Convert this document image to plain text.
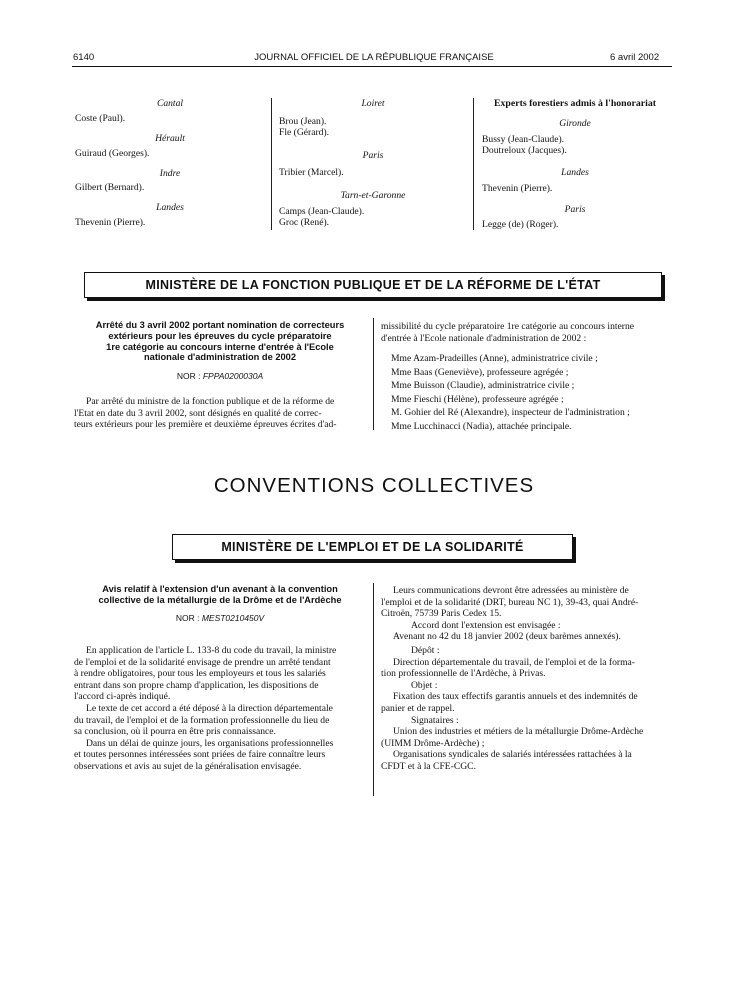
6140	JOURNAL OFFICIEL DE LA RÉPUBLIQUE FRANÇAISE	6 avril 2002
Cantal
Coste (Paul).
Hérault
Guiraud (Georges).
Indre
Gilbert (Bernard).
Landes
Thevenin (Pierre).
Loiret
Brou (Jean).
Fle (Gérard).
Paris
Tribier (Marcel).
Tarn-et-Garonne
Camps (Jean-Claude).
Groc (René).
Experts forestiers admis à l'honorariat
Gironde
Bussy (Jean-Claude).
Doutreloux (Jacques).
Landes
Thevenin (Pierre).
Paris
Legge (de) (Roger).
MINISTÈRE DE LA FONCTION PUBLIQUE ET DE LA RÉFORME DE L'ÉTAT
Arrêté du 3 avril 2002 portant nomination de correcteurs
extérieurs pour les épreuves du cycle préparatoire
1re catégorie au concours interne d'entrée à l'Ecole
nationale d'administration de 2002
NOR : FPPA0200030A
Par arrêté du ministre de la fonction publique et de la réforme de
l'Etat en date du 3 avril 2002, sont désignés en qualité de correc-
teurs extérieurs pour les première et deuxième épreuves écrites d'ad-
missibilité du cycle préparatoire 1re catégorie au concours interne
d'entrée à l'Ecole nationale d'administration de 2002 :
Mme Azam-Pradeilles (Anne), administratrice civile ;
Mme Baas (Geneviève), professeure agrégée ;
Mme Buisson (Claudie), administratrice civile ;
Mme Fieschi (Hélène), professeure agrégée ;
M. Gohier del Ré (Alexandre), inspecteur de l'administration ;
Mme Lucchinacci (Nadia), attachée principale.
CONVENTIONS COLLECTIVES
MINISTÈRE DE L'EMPLOI ET DE LA SOLIDARITÉ
Avis relatif à l'extension d'un avenant à la convention
collective de la métallurgie de la Drôme et de l'Ardèche
NOR : MEST0210450V
En application de l'article L. 133-8 du code du travail, la ministre
de l'emploi et de la solidarité envisage de prendre un arrêté tendant
à rendre obligatoires, pour tous les employeurs et tous les salariés
entrant dans son propre champ d'application, les dispositions de
l'accord ci-après indiqué.
Le texte de cet accord a été déposé à la direction départementale
du travail, de l'emploi et de la formation professionnelle du lieu de
sa conclusion, où il pourra en être pris connaissance.
Dans un délai de quinze jours, les organisations professionnelles
et toutes personnes intéressées sont priées de faire connaître leurs
observations et avis au sujet de la généralisation envisagée.
Leurs communications devront être adressées au ministère de
l'emploi et de la solidarité (DRT, bureau NC 1), 39-43, quai André-
Citroën, 75739 Paris Cedex 15.
Accord dont l'extension est envisagée :
Avenant no 42 du 18 janvier 2002 (deux barèmes annexés).
Dépôt :
Direction départementale du travail, de l'emploi et de la forma-
tion professionnelle de l'Ardèche, à Privas.
Objet :
Fixation des taux effectifs garantis annuels et des indemnités de
panier et de rappel.
Signataires :
Union des industries et métiers de la métallurgie Drôme-Ardèche
(UIMM Drôme-Ardèche) ;
Organisations syndicales de salariés intéressées rattachées à la
CFDT et à la CFE-CGC.
